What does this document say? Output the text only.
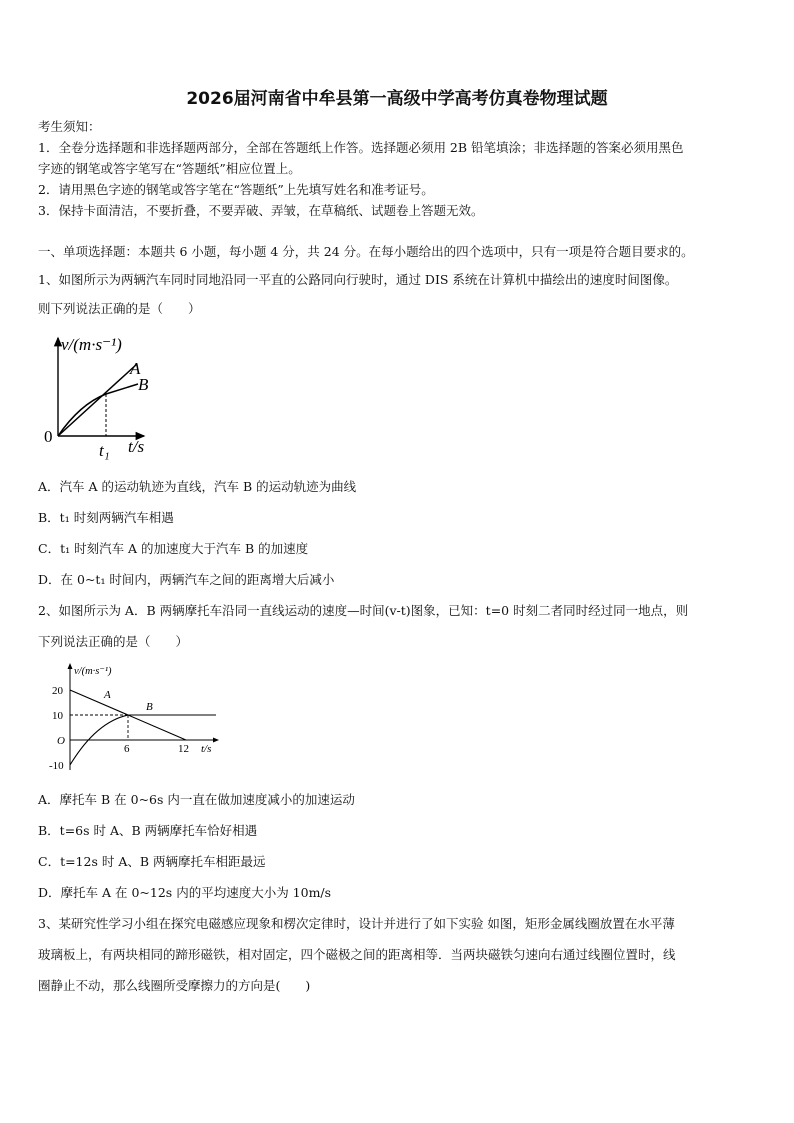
2026届河南省中牟县第一高级中学高考仿真卷物理试题
考生须知：
1．全卷分选择题和非选择题两部分，全部在答题纸上作答。选择题必须用 2B 铅笔填涂；非选择题的答案必须用黑色
字迹的钢笔或答字笔写在“答题纸”相应位置上。
2．请用黑色字迹的钢笔或答字笔在“答题纸”上先填写姓名和准考证号。
3．保持卡面清洁，不要折叠，不要弄破、弄皱，在草稿纸、试题卷上答题无效。
一、单项选择题：本题共 6 小题，每小题 4 分，共 24 分。在每小题给出的四个选项中，只有一项是符合题目要求的。
1、如图所示为两辆汽车同时同地沿同一平直的公路同向行驶时，通过 DIS 系统在计算机中描绘出的速度时间图像。
则下列说法正确的是（　　）
v/(m·s⁻¹)
0
t₁ t/s
A
B
A．汽车 A 的运动轨迹为直线，汽车 B 的运动轨迹为曲线
B．t₁ 时刻两辆汽车相遇
C．t₁ 时刻汽车 A 的加速度大于汽车 B 的加速度
D．在 0~t₁ 时间内，两辆汽车之间的距离增大后减小
2、如图所示为 A．B 两辆摩托车沿同一直线运动的速度—时间(v-t)图象，已知：t=0 时刻二者同时经过同一地点，则
下列说法正确的是（　　）
v/(m·s⁻¹)
20
10
O
-10
6	12 t/s
A
B
A．摩托车 B 在 0~6s 内一直在做加速度减小的加速运动
B．t=6s 时 A、B 两辆摩托车恰好相遇
C．t=12s 时 A、B 两辆摩托车相距最远
D．摩托车 A 在 0~12s 内的平均速度大小为 10m/s
3、某研究性学习小组在探究电磁感应现象和楞次定律时，设计并进行了如下实验 如图，矩形金属线圈放置在水平薄
玻璃板上，有两块相同的蹄形磁铁，相对固定，四个磁极之间的距离相等．当两块磁铁匀速向右通过线圈位置时，线
圈静止不动，那么线圈所受摩擦力的方向是(　　)
